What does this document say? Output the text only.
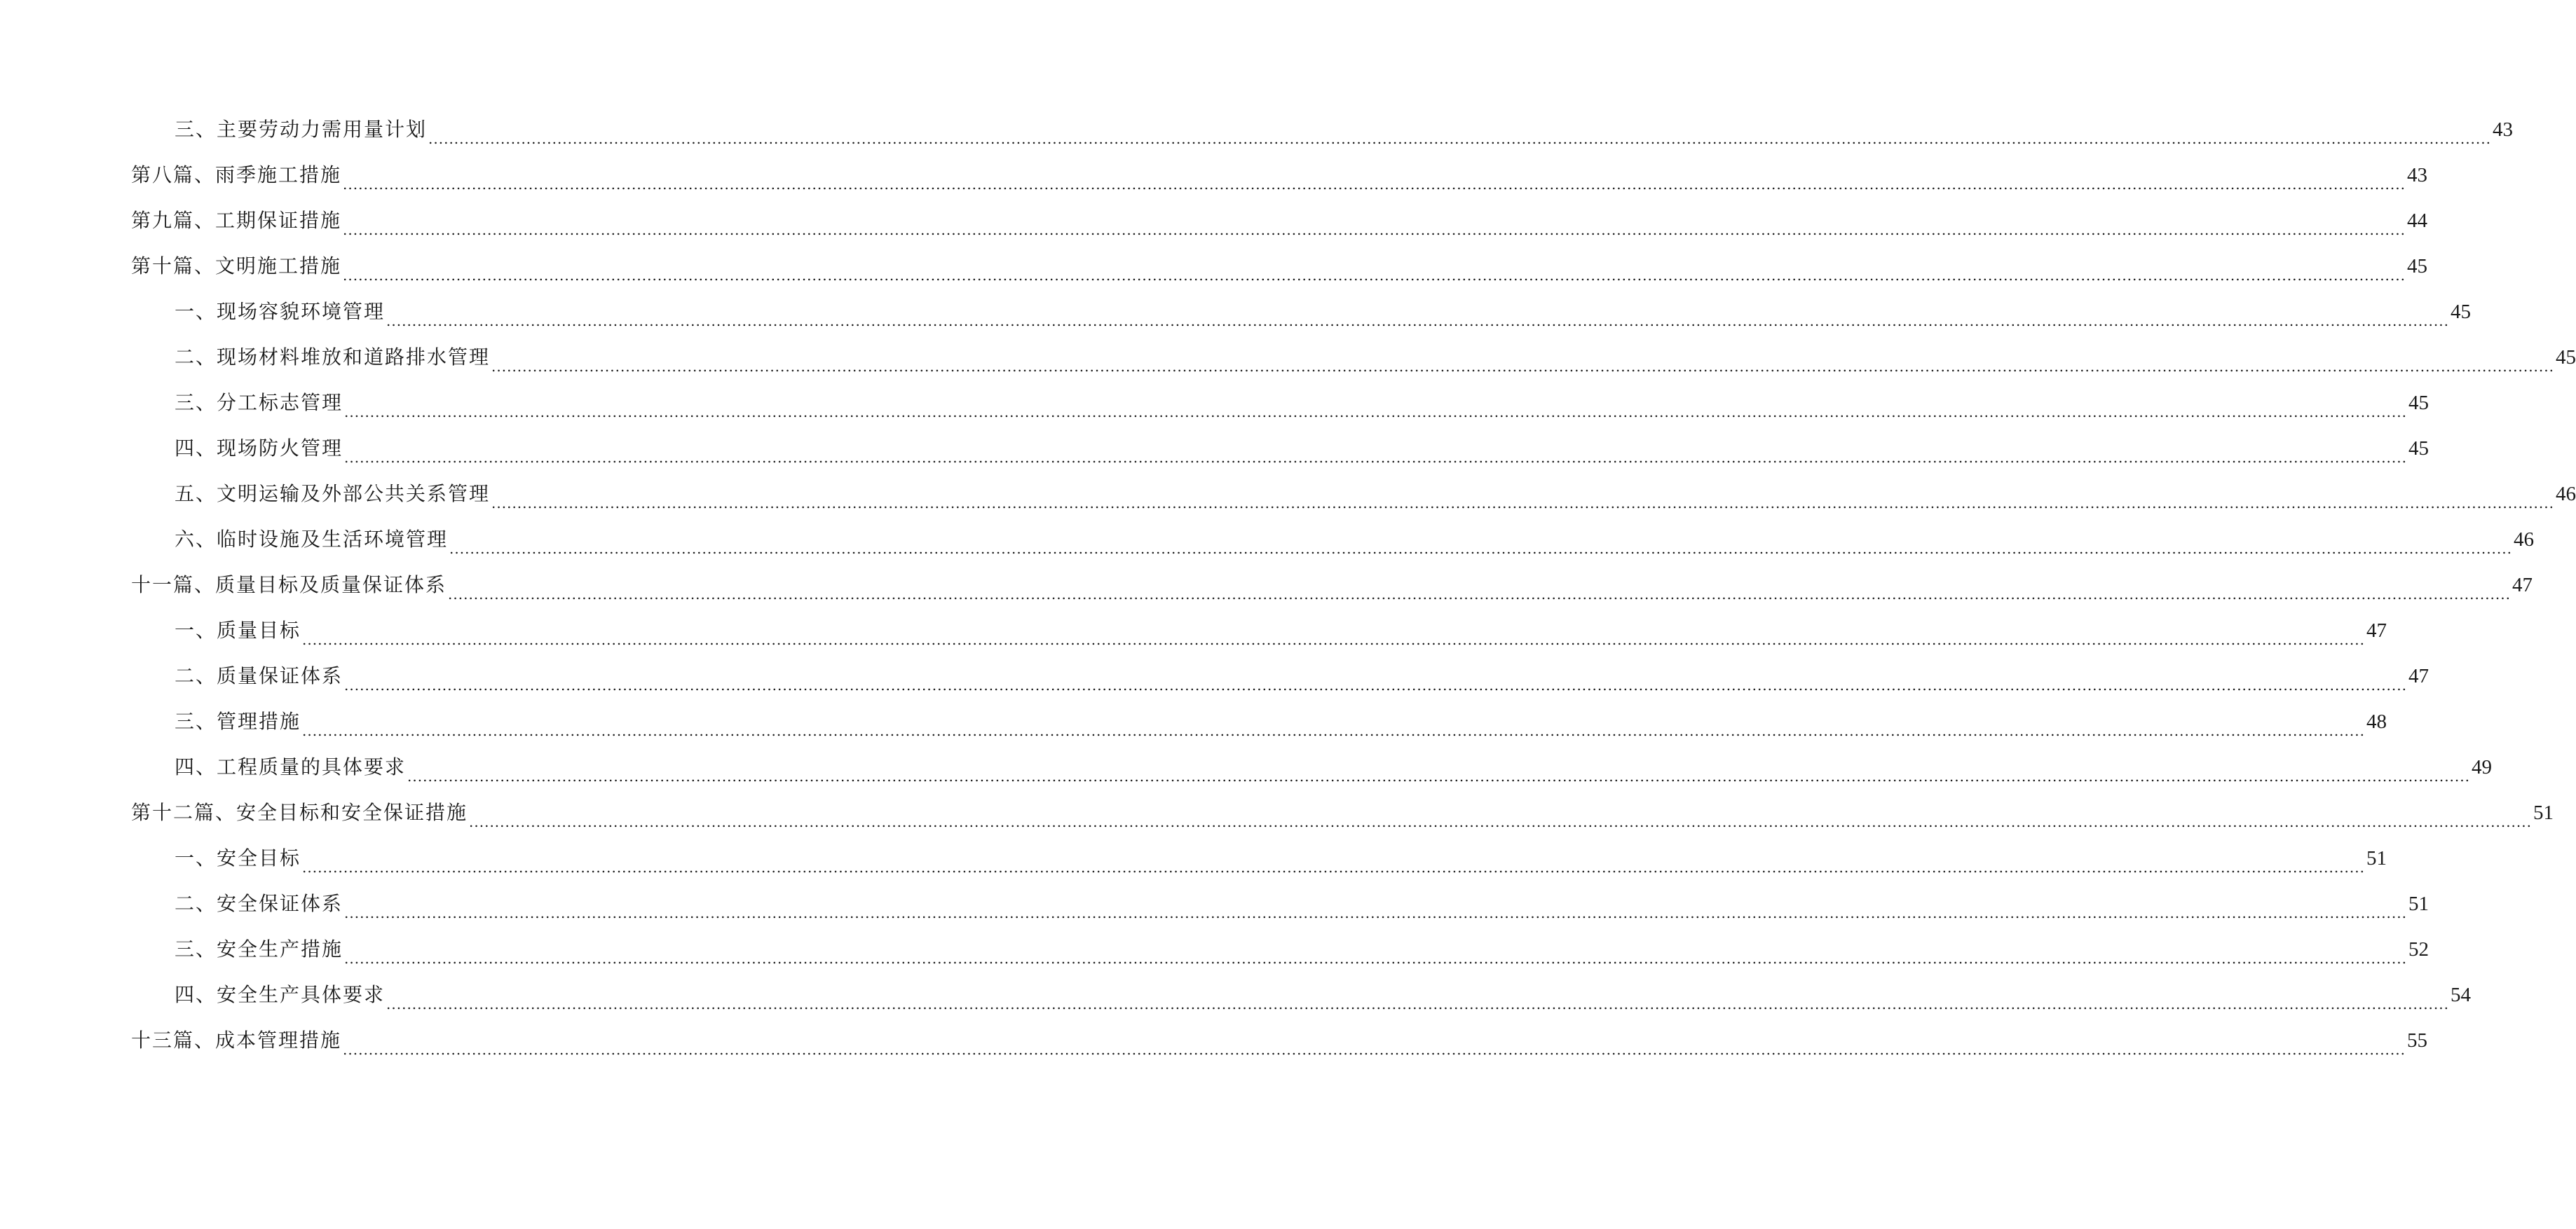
三、主要劳动力需用量计划 ................................................................................................................................................................................................................................................................................................................................................................................................................ 43
第八篇、雨季施工措施 ................................................................................................................................................................................................................................................................................................................................................................................................................ 43
第九篇、工期保证措施 ................................................................................................................................................................................................................................................................................................................................................................................................................ 44
第十篇、文明施工措施 ................................................................................................................................................................................................................................................................................................................................................................................................................ 45
一、现场容貌环境管理 ................................................................................................................................................................................................................................................................................................................................................................................................................ 45
二、现场材料堆放和道路排水管理 ................................................................................................................................................................................................................................................................................................................................................................................................................ 45
三、分工标志管理 ................................................................................................................................................................................................................................................................................................................................................................................................................ 45
四、现场防火管理 ................................................................................................................................................................................................................................................................................................................................................................................................................ 45
五、文明运输及外部公共关系管理 ................................................................................................................................................................................................................................................................................................................................................................................................................ 46
六、临时设施及生活环境管理 ................................................................................................................................................................................................................................................................................................................................................................................................................ 46
十一篇、质量目标及质量保证体系 ................................................................................................................................................................................................................................................................................................................................................................................................................ 47
一、质量目标 ................................................................................................................................................................................................................................................................................................................................................................................................................ 47
二、质量保证体系 ................................................................................................................................................................................................................................................................................................................................................................................................................ 47
三、管理措施 ................................................................................................................................................................................................................................................................................................................................................................................................................ 48
四、工程质量的具体要求 ................................................................................................................................................................................................................................................................................................................................................................................................................ 49
第十二篇、安全目标和安全保证措施 ................................................................................................................................................................................................................................................................................................................................................................................................................ 51
一、安全目标 ................................................................................................................................................................................................................................................................................................................................................................................................................ 51
二、安全保证体系 ................................................................................................................................................................................................................................................................................................................................................................................................................ 51
三、安全生产措施 ................................................................................................................................................................................................................................................................................................................................................................................................................ 52
四、安全生产具体要求 ................................................................................................................................................................................................................................................................................................................................................................................................................ 54
十三篇、成本管理措施 ................................................................................................................................................................................................................................................................................................................................................................................................................ 55
